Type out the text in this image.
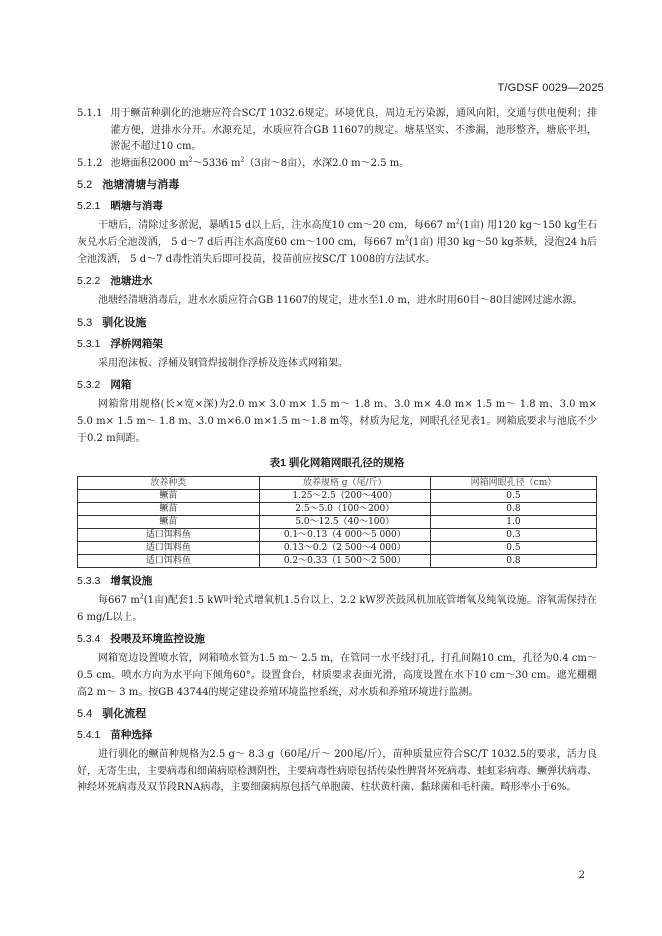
T/GDSF 0029—2025

5.1.1 用于鳜苗种驯化的池塘应符合SC/T 1032.6规定。环境优良，周边无污染源，通风向阳，交通与供电便利；排灌方便，进排水分开。水源充足，水质应符合GB 11607的规定。塘基坚实、不渗漏，池形整齐，塘底平坦，淤泥不超过10 cm。

5.1.2 池塘面积2000 $m^2\sim 5336$ $m^2(3$亩～8亩），水深2.0 m～2.5 m。

5.2 池塘清塘与消毒
5.2.1 晒塘与消毒

干塘后，清除过多淤泥，暴晒15 d以上后，注水高度10 cm～20 cm，每667 $m^2(1$亩) 用120 kg～150 kg生石灰兑水后全池泼洒， 5 d～7 d后再注水高度60 cm～100 cm，每667 $m^2(1$亩) 用30 kg～50 kg茶麸，浸泡24 h后全池泼洒， 5 d～7 d毒性消失后即可投苗，投苗前应按SC/T 1008的方法试水。

5.2.2 池塘进水

池塘经清塘消毒后，进水水质应符合GB 11607的规定，进水至1.0 m，进水时用60目～80目滤网过滤水源。

5.3 驯化设施
5.3.1 浮桥网箱架

采用泡沫板、浮桶及钢管焊接制作浮桥及连体式网箱架。

5.3.2 网箱

网箱常用规格(长×宽×深)为2.0 m× 3.0 m× 1.5 m～ 1.8 m、3.0 m× 4.0 m× 1.5 m～ 1.8 m、3.0 m× 5.0 m× 1.5 m～ 1.8 m、3.0 m×6.0 m×1.5 m～1.8 m等，材质为尼龙，网眼孔径见表1。网箱底要求与池底不少于0.2 m间距。

表1 驯化网箱网眼孔径的规格
放养种类	放养规格 g（尾/斤）	网箱网眼孔径（cm）
鳜苗	1.25～2.5（200～400）	0.5
鳜苗	2.5～5.0（100～200）	0.8
鳜苗	5.0～12.5（40～100）	1.0
适口饵料鱼	0.1～0.13（4 000～5 000）	0.3
适口饵料鱼	0.13～0.2（2 500～4 000）	0.5
适口饵料鱼	0.2～0.33（1 500～2 500）	0.8
5.3.3 增氧设施

每667 $m^2(1$亩)配套1.5 kW叶轮式增氧机1.5台以上、2.2 kW罗茨鼓风机加底管增氧及纯氧设施。溶氧需保持在6 mg/L以上。

5.3.4 投喂及环境监控设施

网箱宽边设置喷水管，网箱喷水管为1.5 m～ 2.5 m，在管同一水平线打孔，打孔间隔10 cm，孔径为0.4 cm～ 0.5 cm。喷水方向为水平向下倾角60°。设置食台，材质要求表面光滑，高度设置在水下10 cm～30 cm。遮光棚棚高2 m～ 3 m。按GB 43744的规定建设养殖环境监控系统，对水质和养殖环境进行监测。

5.4 驯化流程
5.4.1 苗种选择

进行驯化的鳜苗种规格为2.5 g～ 8.3 g（60尾/斤～ 200尾/斤），苗种质量应符合SC/T 1032.5的要求，活力良好，无寄生虫，主要病毒和细菌病原检测阴性，主要病毒性病原包括传染性脾肾坏死病毒、蛙虹彩病毒、鳜弹状病毒、神经坏死病毒及双节段RNA病毒，主要细菌病原包括气单胞菌、柱状黄杆菌、黏球菌和毛杆菌。畸形率小于6%。

2
